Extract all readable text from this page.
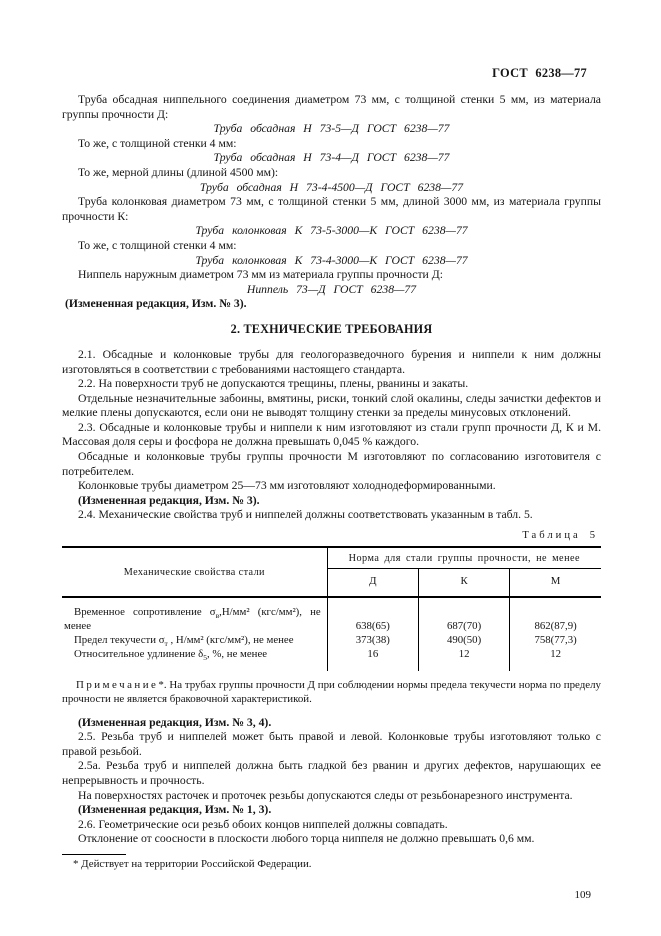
ГОСТ 6238—77

Труба обсадная ниппельного соединения диаметром 73 мм, с толщиной стенки 5 мм, из материала группы прочности Д:

Труба обсадная Н 73-5—Д ГОСТ 6238—77

То же, с толщиной стенки 4 мм:

Труба обсадная Н 73-4—Д ГОСТ 6238—77

То же, мерной длины (длиной 4500 мм):

Труба обсадная Н 73-4-4500—Д ГОСТ 6238—77

Труба колонковая диаметром 73 мм, с толщиной стенки 5 мм, длиной 3000 мм, из материала группы прочности К:

Труба колонковая К 73-5-3000—К ГОСТ 6238—77

То же, с толщиной стенки 4 мм:

Труба колонковая К 73-4-3000—К ГОСТ 6238—77

Ниппель наружным диаметром 73 мм из материала группы прочности Д:

Ниппель 73—Д ГОСТ 6238—77

(Измененная редакция, Изм. № 3).

2. ТЕХНИЧЕСКИЕ ТРЕБОВАНИЯ

2.1. Обсадные и колонковые трубы для геологоразведочного бурения и ниппели к ним должны изготовляться в соответствии с требованиями настоящего стандарта.

2.2. На поверхности труб не допускаются трещины, плены, рванины и закаты.

Отдельные незначительные забоины, вмятины, риски, тонкий слой окалины, следы зачистки дефектов и мелкие плены допускаются, если они не выводят толщину стенки за пределы минусовых отклонений.

2.3. Обсадные и колонковые трубы и ниппели к ним изготовляют из стали групп прочности Д, К и М. Массовая доля серы и фосфора не должна превышать 0,045 % каждого.

Обсадные и колонковые трубы группы прочности М изготовляют по согласованию изготовителя с потребителем.

Колонковые трубы диаметром 25—73 мм изготовляют холоднодеформированными.

(Измененная редакция, Изм. № 3).

2.4. Механические свойства труб и ниппелей должны соответствовать указанным в табл. 5.

Таблица 5
Механические свойства стали	Норма для стали группы прочности, не менее		
	Д	К	М
Временное сопротивление $\sigma_в,Н$/мм² (кгс/мм²), не менее	638(65)	687(70)	862(87,9)
Предел текучести $\sigma_т$ , Н/мм² (кгс/мм²), не менее	373(38)	490(50)	758(77,3)
Относительное удлинение $\delta_5$, %, не менее	16	12	12

Примечание*. На трубах группы прочности Д при соблюдении нормы предела текучести норма по пределу прочности не является браковочной характеристикой.

(Измененная редакция, Изм. № 3, 4).

2.5. Резьба труб и ниппелей может быть правой и левой. Колонковые трубы изготовляют только с правой резьбой.

2.5а. Резьба труб и ниппелей должна быть гладкой без рванин и других дефектов, нарушающих ее непрерывность и прочность.

На поверхностях расточек и проточек резьбы допускаются следы от резьбонарезного инструмента.

(Измененная редакция, Изм. № 1, 3).

2.6. Геометрические оси резьб обоих концов ниппелей должны совпадать.

Отклонение от соосности в плоскости любого торца ниппеля не должно превышать 0,6 мм.

* Действует на территории Российской Федерации.

109
